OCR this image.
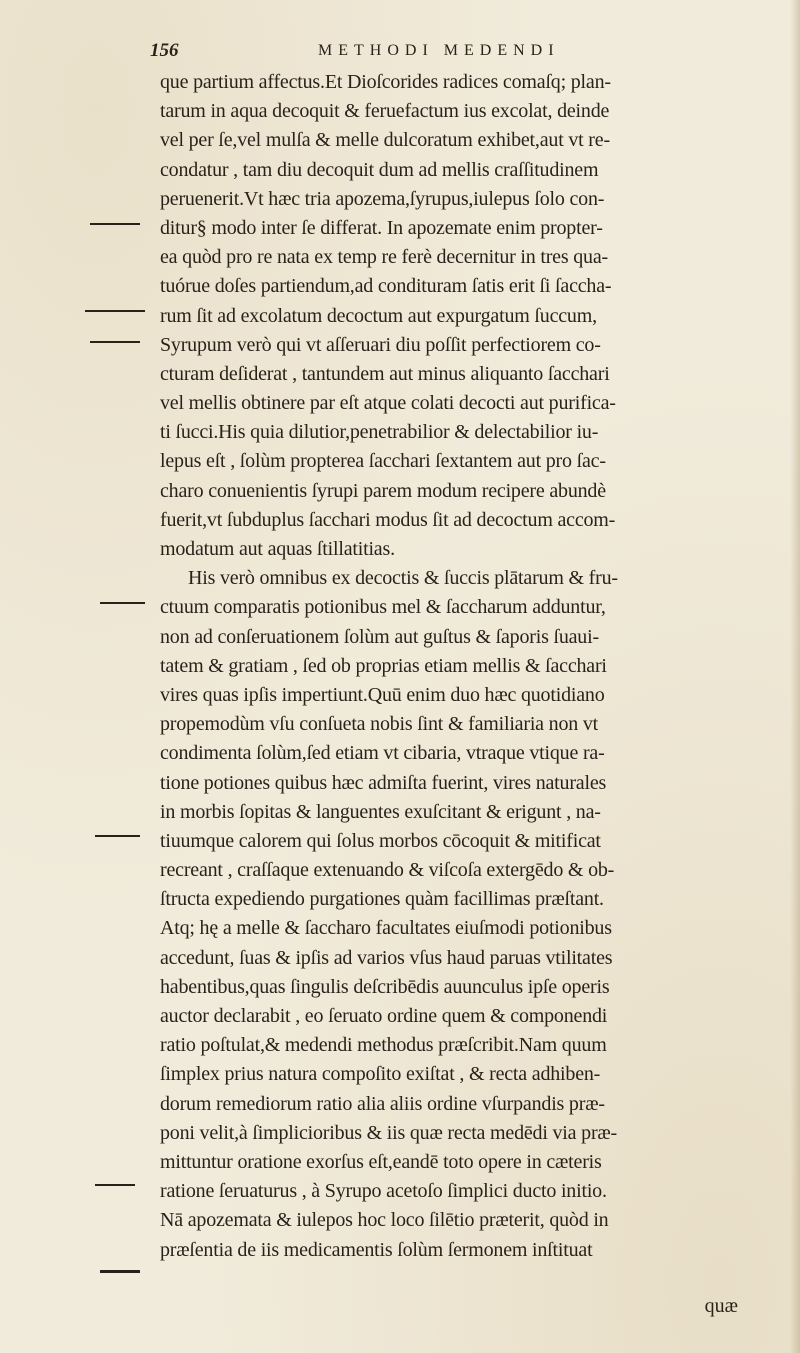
156	METHODI MEDENDI
que partium affectus.Et Dioſcorides radices comaſq; plan-
tarum in aqua decoquit & feruefactum ius excolat, deinde
vel per ſe,vel mulſa & melle dulcoratum exhibet,aut vt re-
condatur , tam diu decoquit dum ad mellis craſſitudinem
peruenerit.Vt hæc tria apozema,ſyrupus,iulepus ſolo con-
ditur§ modo inter ſe differat. In apozemate enim propter-
ea quòd pro re nata ex temp re ferè decernitur in tres qua-
tuórue doſes partiendum,ad condituram ſatis erit ſi ſaccha-
rum ſit ad excolatum decoctum aut expurgatum ſuccum,
Syrupum verò qui vt aſſeruari diu poſſit perfectiorem co-
cturam deſiderat , tantundem aut minus aliquanto ſacchari
vel mellis obtinere par eſt atque colati decocti aut purifica-
ti ſucci.His quia dilutior,penetrabilior & delectabilior iu-
lepus eſt , ſolùm propterea ſacchari ſextantem aut pro ſac-
charo conuenientis ſyrupi parem modum recipere abundè
fuerit,vt ſubduplus ſacchari modus ſit ad decoctum accom-
modatum aut aquas ſtillatitias.
His verò omnibus ex decoctis & ſuccis plātarum & fru-
ctuum comparatis potionibus mel & ſaccharum adduntur,
non ad conſeruationem ſolùm aut guſtus & ſaporis ſuaui-
tatem & gratiam , ſed ob proprias etiam mellis & ſacchari
vires quas ipſis impertiunt.Quū enim duo hæc quotidiano
propemodùm vſu conſueta nobis ſint & familiaria non vt
condimenta ſolùm,ſed etiam vt cibaria, vtraque vtique ra-
tione potiones quibus hæc admiſta fuerint, vires naturales
in morbis ſopitas & languentes exuſcitant & erigunt , na-
tiuumque calorem qui ſolus morbos cōcoquit & mitificat
recreant , craſſaque extenuando & viſcoſa extergēdo & ob-
ſtructa expediendo purgationes quàm facillimas præſtant.
Atq; hę a melle & ſaccharo facultates eiuſmodi potionibus
accedunt, ſuas & ipſis ad varios vſus haud paruas vtilitates
habentibus,quas ſingulis deſcribēdis auunculus ipſe operis
auctor declarabit , eo ſeruato ordine quem & componendi
ratio poſtulat,& medendi methodus præſcribit.Nam quum
ſimplex prius natura compoſito exiſtat , & recta adhiben-
dorum remediorum ratio alia aliis ordine vſurpandis præ-
poni velit,à ſimplicioribus & iis quæ recta medēdi via præ-
mittuntur oratione exorſus eſt,eandē toto opere in cæteris
ratione ſeruaturus , à Syrupo acetoſo ſimplici ducto initio.
Nā apozemata & iulepos hoc loco ſilētio præterit, quòd in
præſentia de iis medicamentis ſolùm ſermonem inſtituat
quæ
